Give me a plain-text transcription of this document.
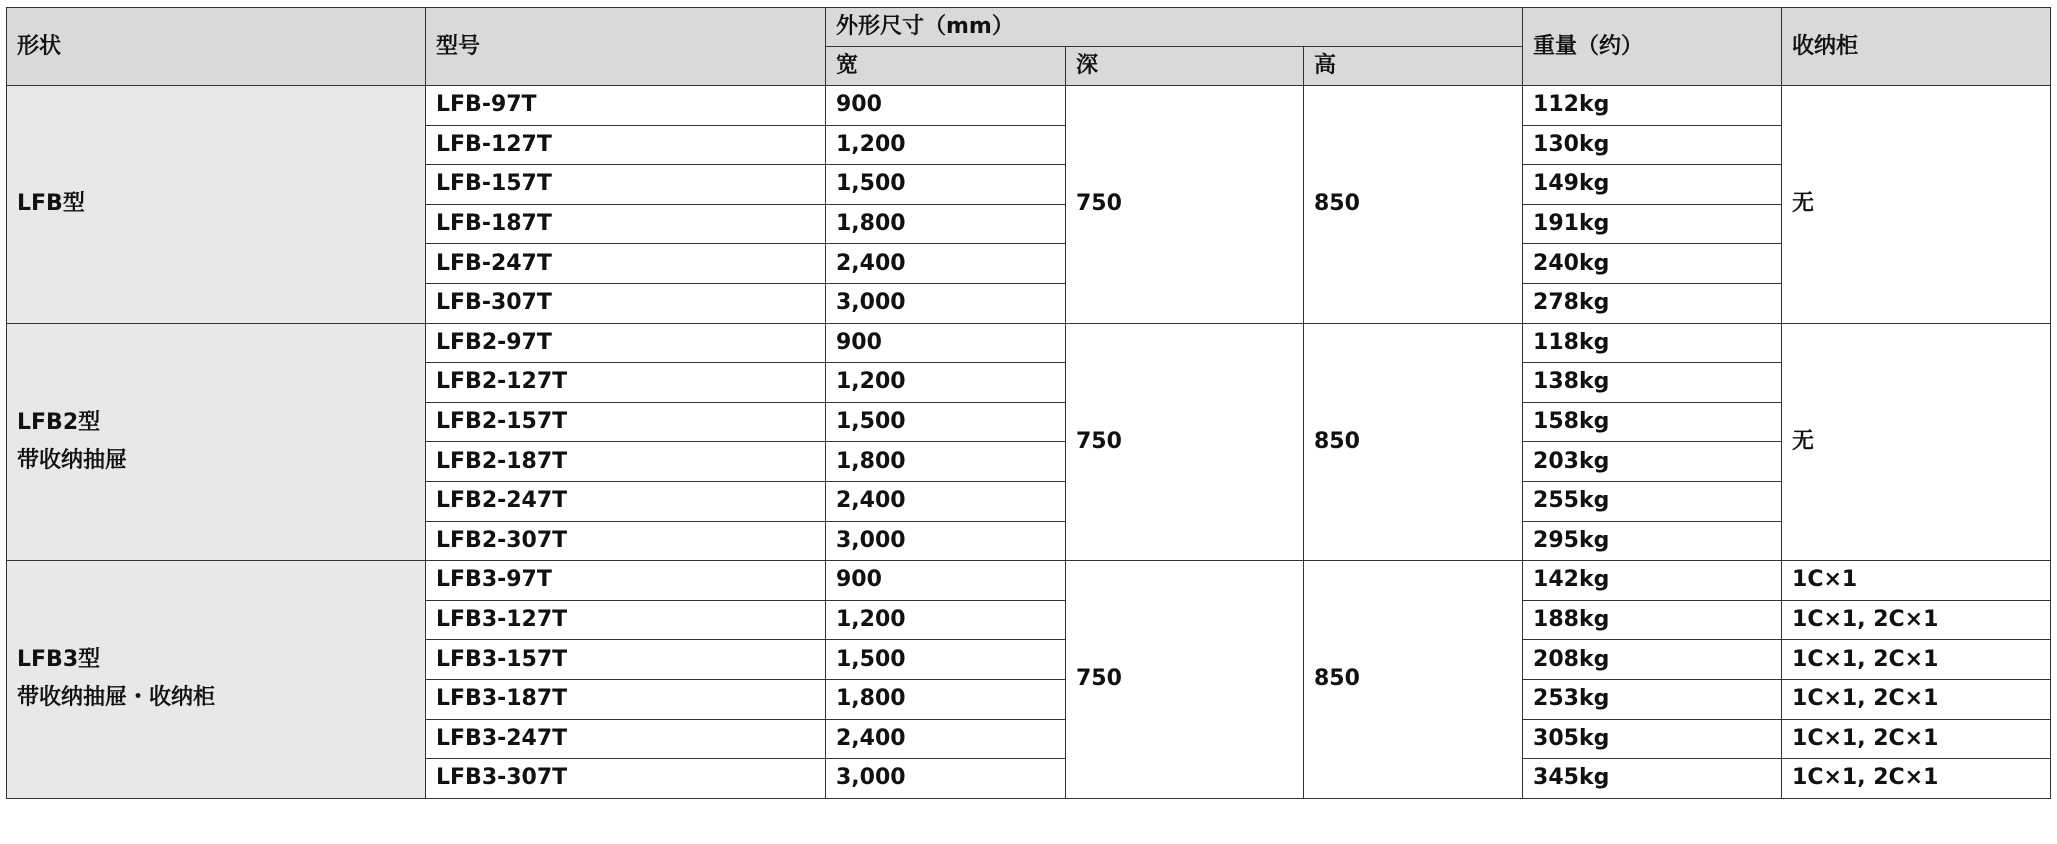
形状	型号	外形尺寸（mm）			重量（约）	收纳柜
		宽	深	高		

LFB型	LFB-97T	900	750	850	112kg	无
	LFB-127T	1,200			130kg	
	LFB-157T	1,500			149kg	
	LFB-187T	1,800			191kg	
	LFB-247T	2,400			240kg	
	LFB-307T	3,000			278kg	

LFB2型
带收纳抽屉	LFB2-97T	900	750	850	118kg	无
	LFB2-127T	1,200			138kg	
	LFB2-157T	1,500			158kg	
	LFB2-187T	1,800			203kg	
	LFB2-247T	2,400			255kg	
	LFB2-307T	3,000			295kg	

LFB3型
带收纳抽屉・收纳柜	LFB3-97T	900	750	850	142kg	1C×1
	LFB3-127T	1,200			188kg	1C×1, 2C×1
	LFB3-157T	1,500			208kg	1C×1, 2C×1
	LFB3-187T	1,800			253kg	1C×1, 2C×1
	LFB3-247T	2,400			305kg	1C×1, 2C×1
	LFB3-307T	3,000			345kg	1C×1, 2C×1
